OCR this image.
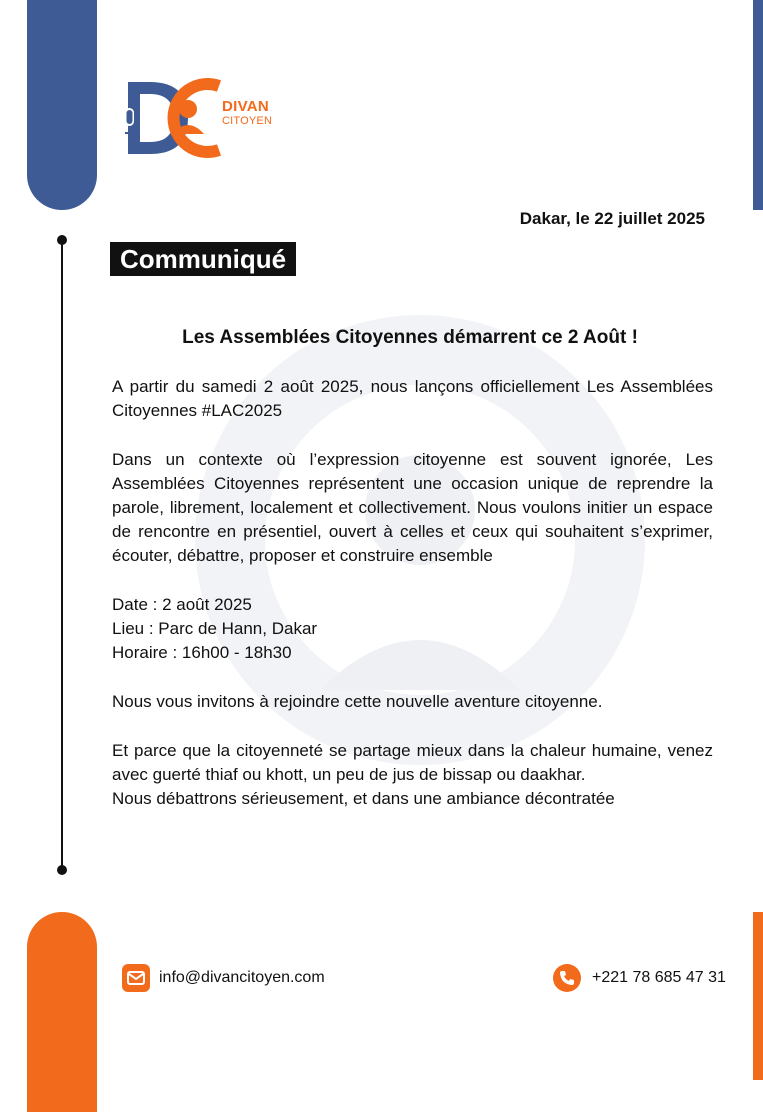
DIVAN
CITOYEN
Dakar, le 22 juillet 2025
Communiqué
Les Assemblées Citoyennes démarrent ce 2 Août !

A partir du samedi 2 août 2025, nous lançons officiellement Les Assemblées Citoyennes #LAC2025

Dans un contexte où l’expression citoyenne est souvent ignorée, Les Assemblées Citoyennes représentent une occasion unique de reprendre la parole, librement, localement et collectivement. Nous voulons initier un espace de rencontre en présentiel, ouvert à celles et ceux qui souhaitent s’exprimer, écouter, débattre, proposer et construire ensemble

Date : 2 août 2025

Lieu : Parc de Hann, Dakar

Horaire : 16h00 - 18h30

Nous vous invitons à rejoindre cette nouvelle aventure citoyenne.

Et parce que la citoyenneté se partage mieux dans la chaleur humaine, venez avec guerté thiaf ou khott, un peu de jus de bissap ou daakhar.

Nous débattrons sérieusement, et dans une ambiance décontratée

info@divancitoyen.com	+221 78 685 47 31
